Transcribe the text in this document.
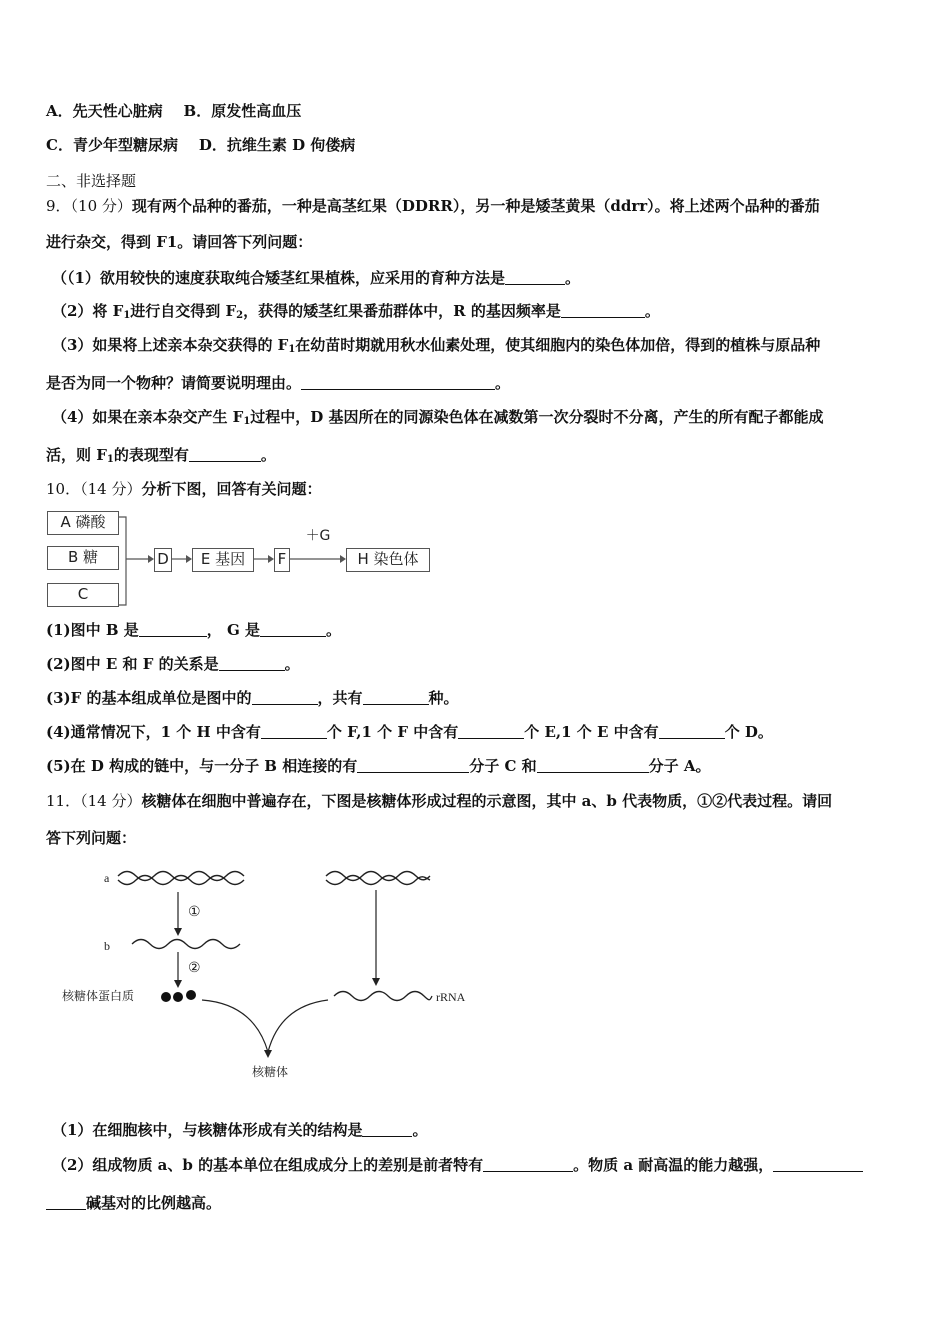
A．先天性心脏病 B．原发性高血压
C．青少年型糖尿病 D．抗维生素 D 佝偻病
二、非选择题
9．（10 分）现有两个品种的番茄，一种是高茎红果（DDRR），另一种是矮茎黄果（ddrr）。将上述两个品种的番茄
进行杂交，得到 F1。请回答下列问题：
（（1）欲用较快的速度获取纯合矮茎红果植株，应采用的育种方法是	。
（2）将 $F_1$进行自交得到 $F_2$，获得的矮茎红果番茄群体中，R 的基因频率是	。
（3）如果将上述亲本杂交获得的 $F_1$在幼苗时期就用秋水仙素处理，使其细胞内的染色体加倍，得到的植株与原品种
是否为同一个物种？请简要说明理由。	。
（4）如果在亲本杂交产生 $F_1$过程中，D 基因所在的同源染色体在减数第一次分裂时不分离，产生的所有配子都能成
活，则 $F_1$的表现型有	。
10．（14 分）分析下图，回答有关问题：
A 磷酸
B 糖
C
D	E 基因	F
＋G
H 染色体
(1)图中 B 是	， G 是	。
(2)图中 E 和 F 的关系是	。
(3)F 的基本组成单位是图中的	，共有	种。
(4)通常情况下，1 个 H 中含有	个 F,1 个 F 中含有	个 E,1 个 E 中含有	个 D。
(5)在 D 构成的链中，与一分子 B 相连接的有	分子 C 和	分子 A。
11．（14 分）核糖体在细胞中普遍存在，下图是核糖体形成过程的示意图，其中 a、b 代表物质，①②代表过程。请回
答下列问题：
a
①
b
②
核糖体蛋白质	rRNA
核糖体
（1）在细胞核中，与核糖体形成有关的结构是	。
（2）组成物质 a、b 的基本单位在组成成分上的差别是前者特有	。物质 a 耐高温的能力越强，
碱基对的比例越高。
